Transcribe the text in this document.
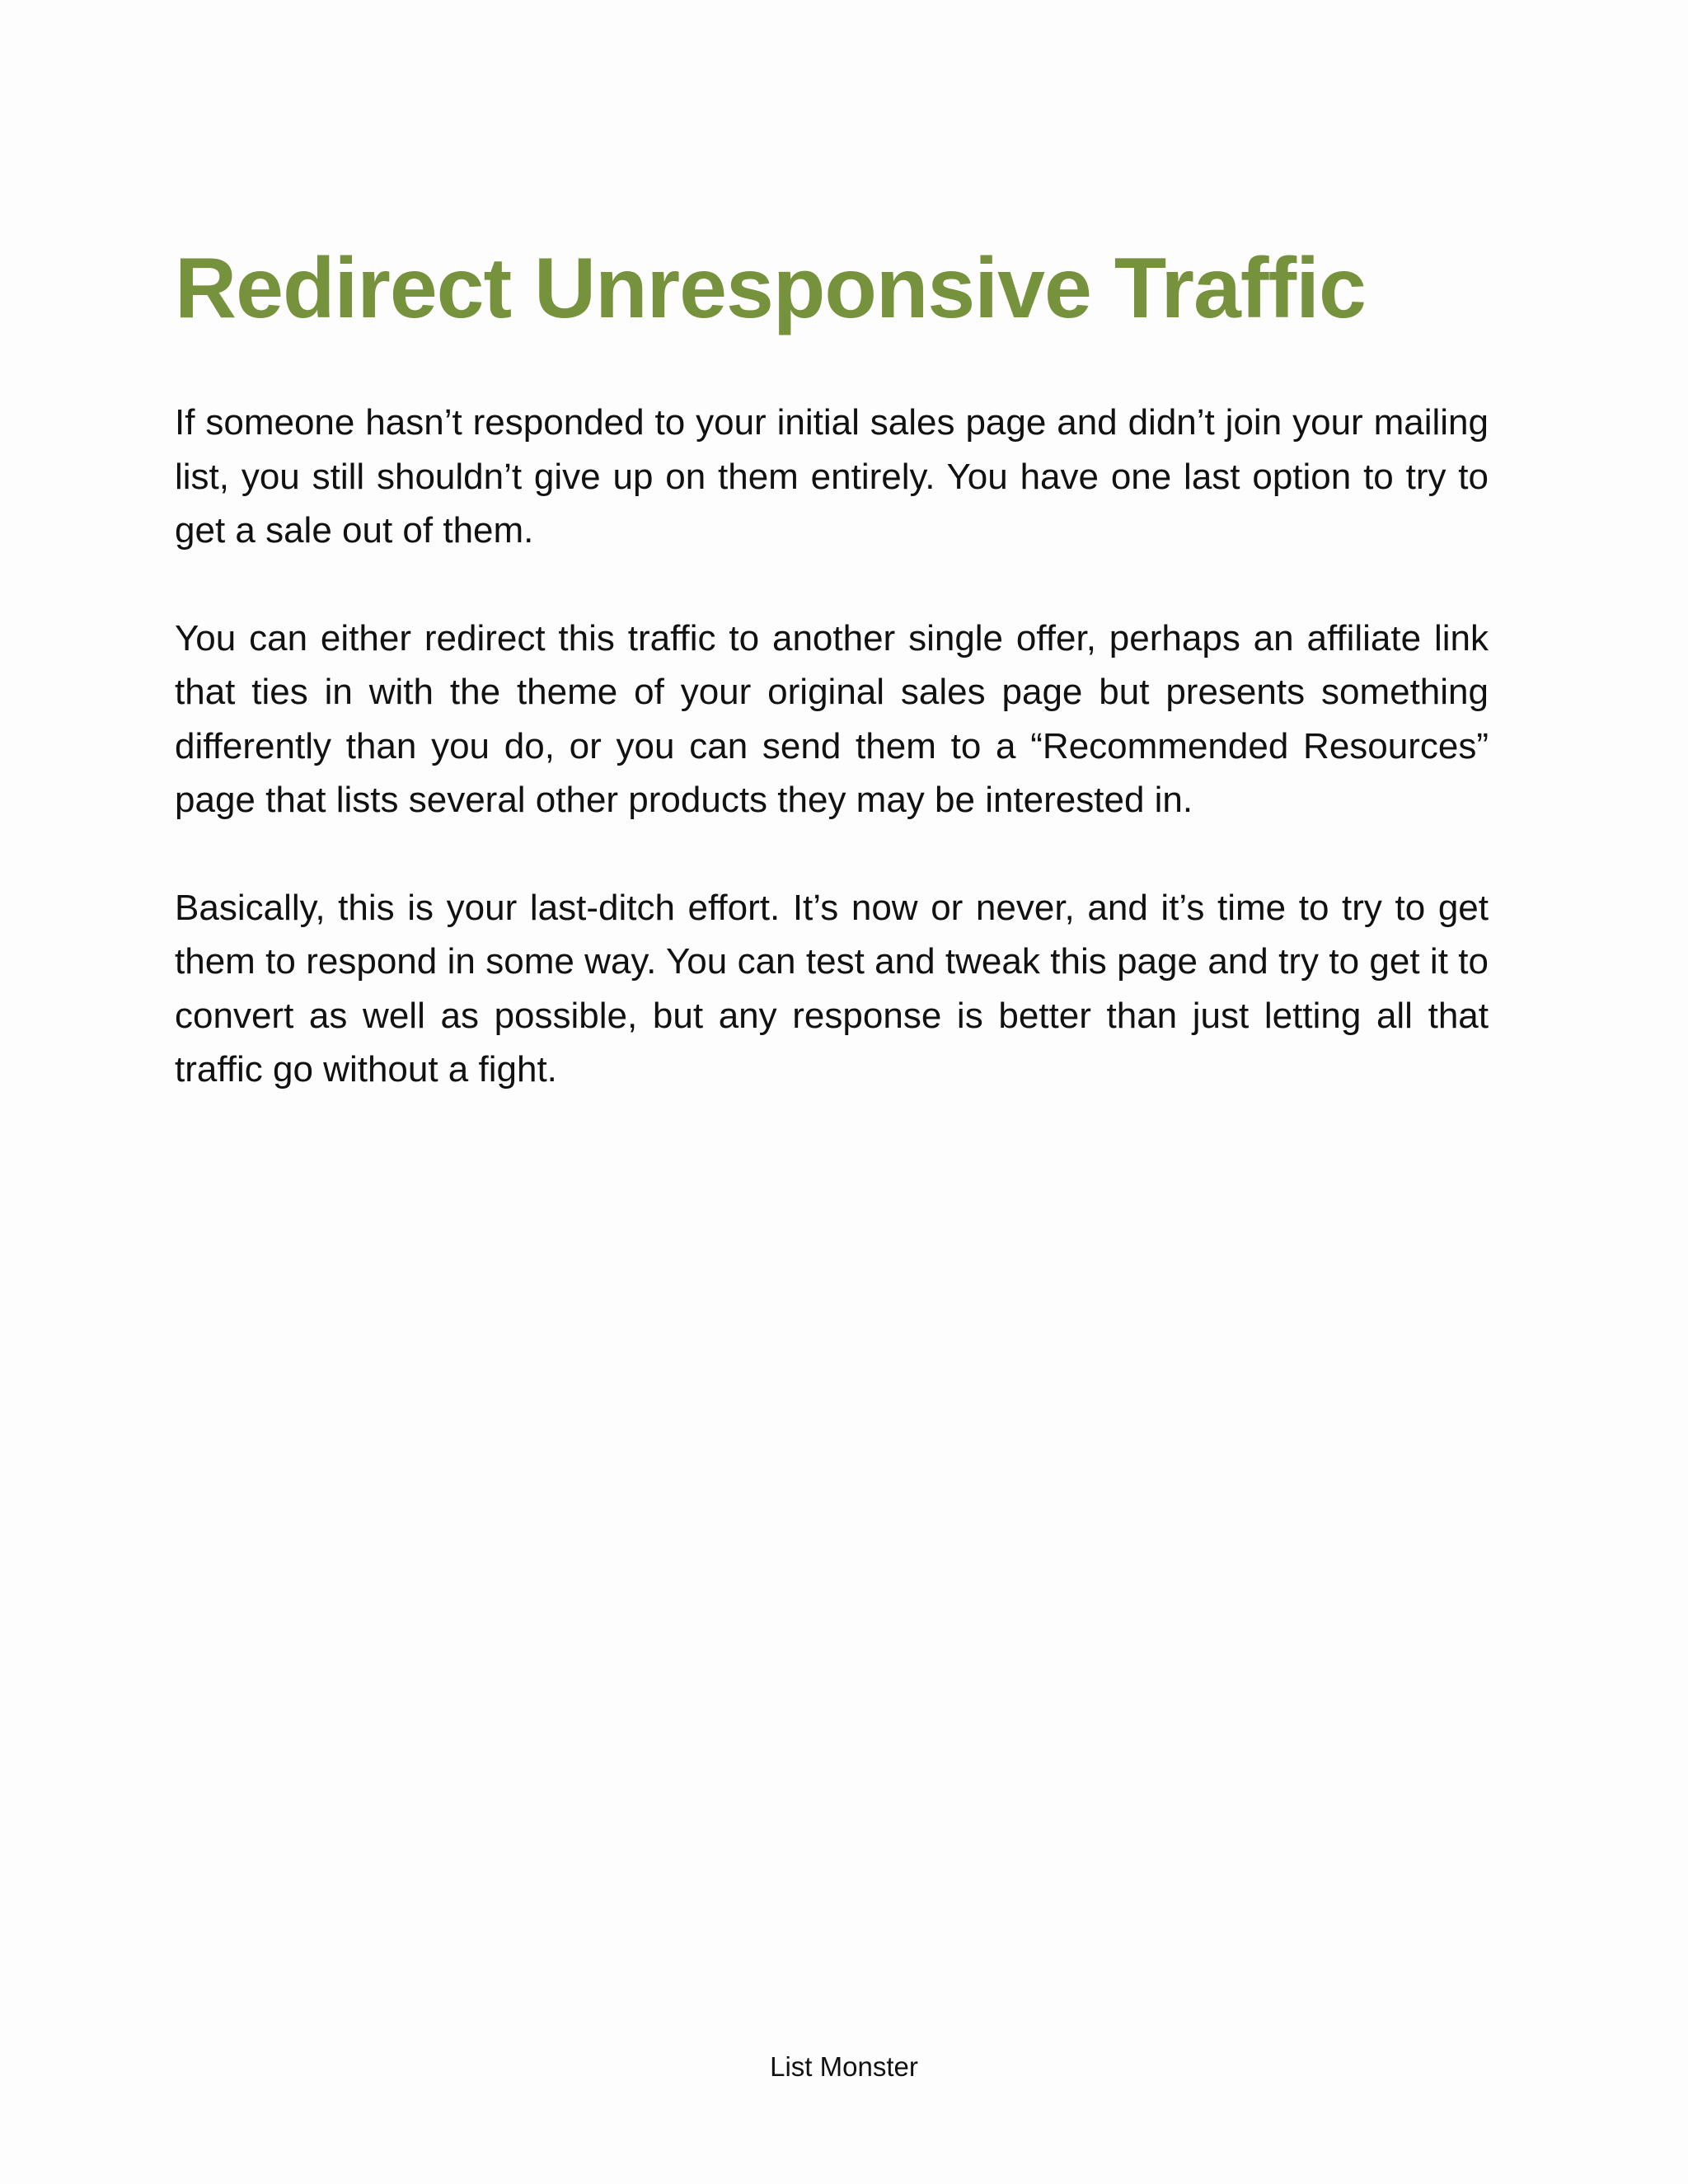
Redirect Unresponsive Traffic

If someone hasn’t responded to your initial sales page and didn’t join your mailing list, you still shouldn’t give up on them entirely. You have one last option to try to get a sale out of them.

You can either redirect this traffic to another single offer, perhaps an affiliate link that ties in with the theme of your original sales page but presents something differently than you do, or you can send them to a “Recommended Resources” page that lists several other products they may be interested in.

Basically, this is your last-ditch effort. It’s now or never, and it’s time to try to get them to respond in some way. You can test and tweak this page and try to get it to convert as well as possible, but any response is better than just letting all that traffic go without a fight.

List Monster
